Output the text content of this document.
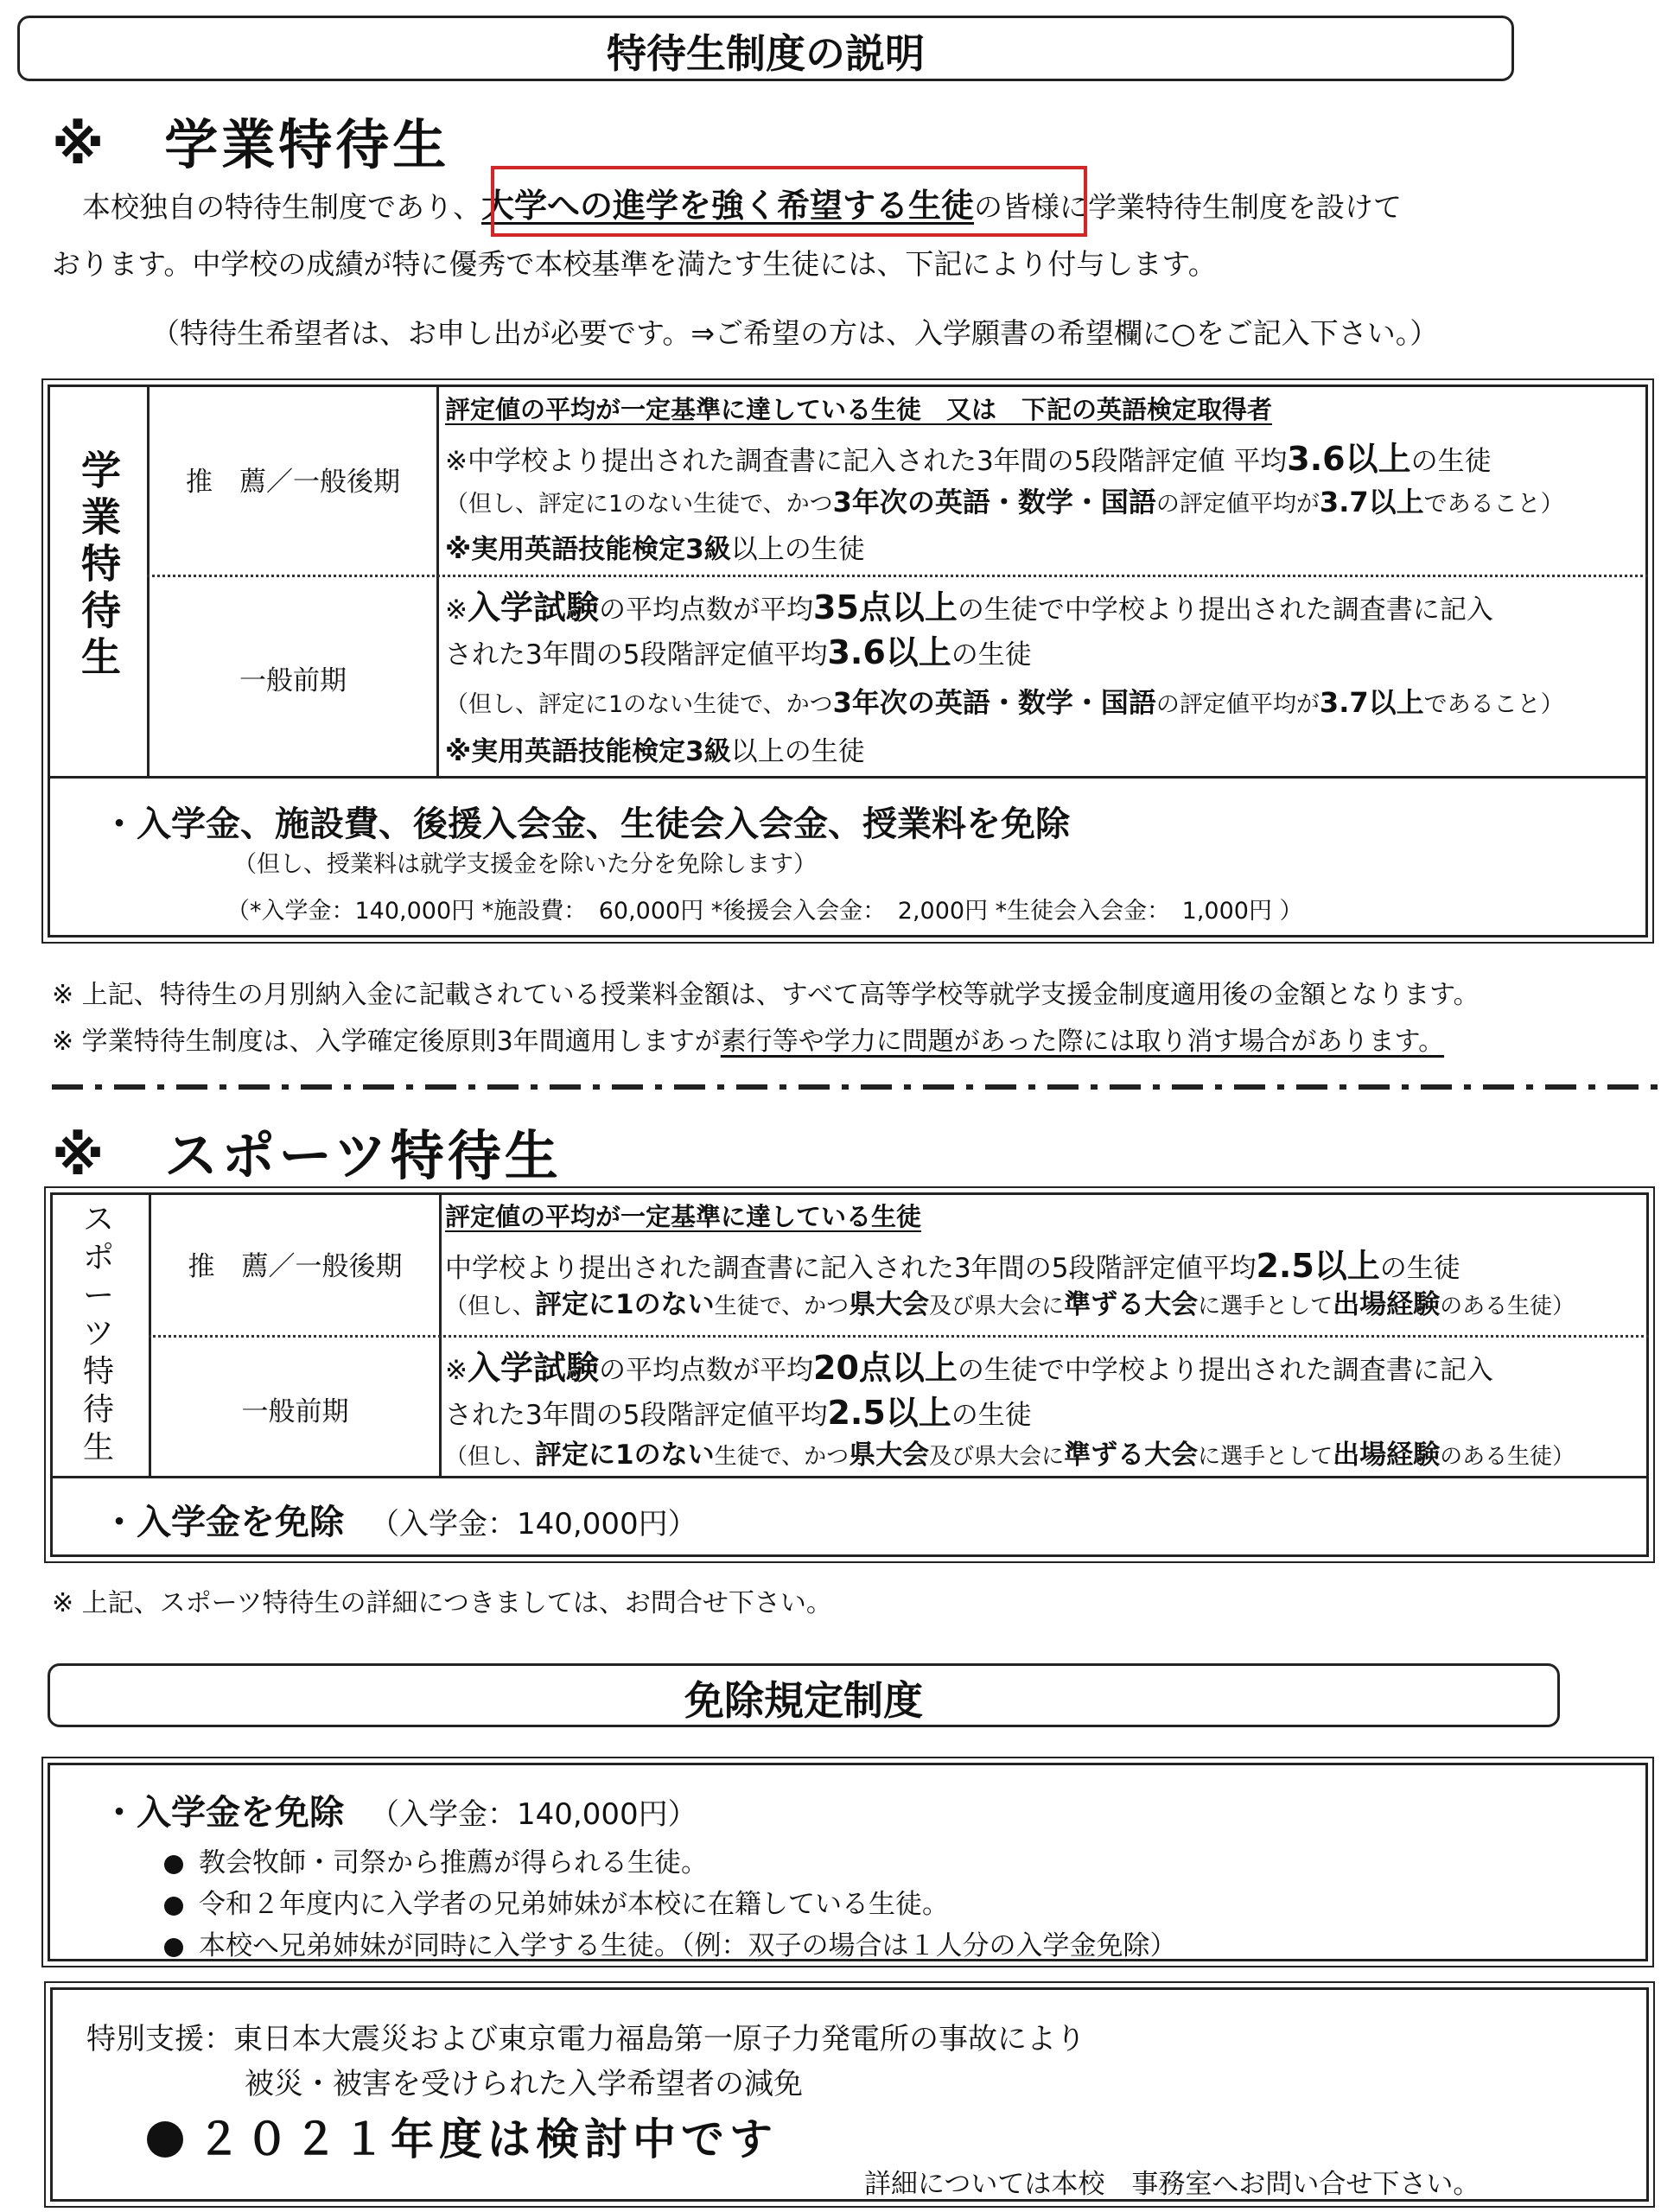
特待生制度の説明
※　学業特待生
本校独自の特待生制度であり、大学への進学を強く希望する生徒の皆様に学業特待生制度を設けて
おります。中学校の成績が特に優秀で本校基準を満たす生徒には、下記により付与します。
（特待生希望者は、お申し出が必要です。⇒ご希望の方は、入学願書の希望欄に○をご記入下さい。）
学業特待生	推　薦／一般後期
評定値の平均が一定基準に達している生徒　又は　下記の英語検定取得者
※中学校より提出された調査書に記入された3年間の5段階評定値 平均3.6以上の生徒
（但し、評定に1のない生徒で、かつ3年次の英語・数学・国語の評定値平均が3.7以上であること）
※実用英語技能検定3級以上の生徒
一般前期
※入学試験の平均点数が平均35点以上の生徒で中学校より提出された調査書に記入
された3年間の5段階評定値平均3.6以上の生徒
（但し、評定に1のない生徒で、かつ3年次の英語・数学・国語の評定値平均が3.7以上であること）
※実用英語技能検定3級以上の生徒
・入学金、施設費、後援入会金、生徒会入会金、授業料を免除
（但し、授業料は就学支援金を除いた分を免除します）
（*入学金：140,000円 *施設費：　60,000円 *後援会入会金：　2,000円 *生徒会入会金：　1,000円 ）
※ 上記、特待生の月別納入金に記載されている授業料金額は、すべて高等学校等就学支援金制度適用後の金額となります。
※ 学業特待生制度は、入学確定後原則3年間適用しますが素行等や学力に問題があった際には取り消す場合があります。
※　スポーツ特待生
ス
ポ
ー
ツ
特
待
生
推　薦／一般後期
評定値の平均が一定基準に達している生徒
中学校より提出された調査書に記入された3年間の5段階評定値平均2.5以上の生徒
（但し、評定に1のない生徒で、かつ県大会及び県大会に準ずる大会に選手として出場経験のある生徒）
一般前期
※入学試験の平均点数が平均20点以上の生徒で中学校より提出された調査書に記入
された3年間の5段階評定値平均2.5以上の生徒
（但し、評定に1のない生徒で、かつ県大会及び県大会に準ずる大会に選手として出場経験のある生徒）
・入学金を免除 （入学金：140,000円）
※ 上記、スポーツ特待生の詳細につきましては、お問合せ下さい。
免除規定制度
・入学金を免除 （入学金：140,000円）
教会牧師・司祭から推薦が得られる生徒。
令和２年度内に入学者の兄弟姉妹が本校に在籍している生徒。
本校へ兄弟姉妹が同時に入学する生徒。（例：双子の場合は１人分の入学金免除）
特別支援：東日本大震災および東京電力福島第一原子力発電所の事故により
被災・被害を受けられた入学希望者の減免
２０２１年度は検討中です
詳細については本校　事務室へお問い合せ下さい。
